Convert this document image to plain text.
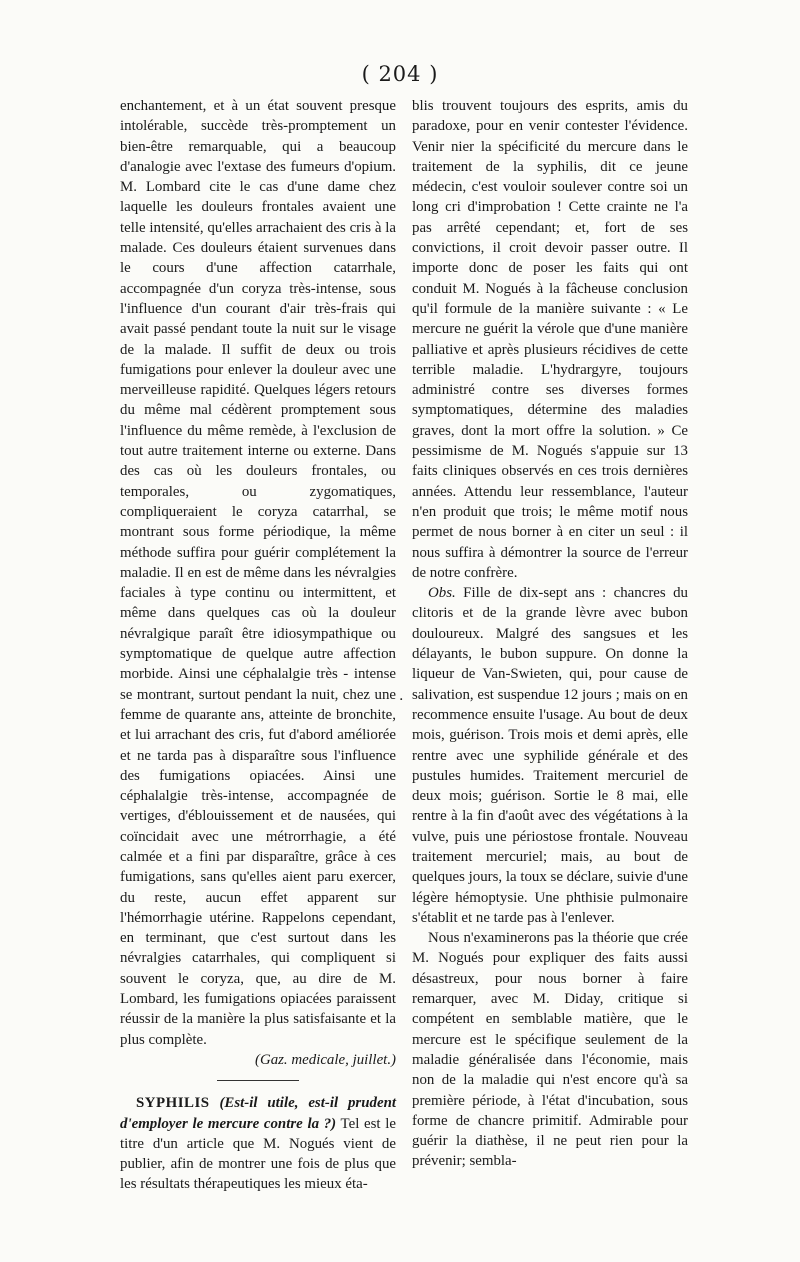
( 204 )

enchantement, et à un état souvent presque intolérable, succède très-promptement un bien-être remarquable, qui a beaucoup d'analogie avec l'extase des fumeurs d'opium. M. Lombard cite le cas d'une dame chez laquelle les douleurs frontales avaient une telle intensité, qu'elles arrachaient des cris à la malade. Ces douleurs étaient survenues dans le cours d'une affection catarrhale, accompagnée d'un coryza très-intense, sous l'influence d'un courant d'air très-frais qui avait passé pendant toute la nuit sur le visage de la malade. Il suffit de deux ou trois fumigations pour enlever la douleur avec une merveilleuse rapidité. Quelques légers retours du même mal cédèrent promptement sous l'influence du même remède, à l'exclusion de tout autre traitement interne ou externe. Dans des cas où les douleurs frontales, ou temporales, ou zygomatiques, compliqueraient le coryza catarrhal, se montrant sous forme périodique, la même méthode suffira pour guérir complétement la maladie. Il en est de même dans les névralgies faciales à type continu ou intermittent, et même dans quelques cas où la douleur névralgique paraît être idiosympathique ou symptomatique de quelque autre affection morbide. Ainsi une céphalalgie très - intense se montrant, surtout pendant la nuit, chez une femme de quarante ans, atteinte de bronchite, et lui arrachant des cris, fut d'abord améliorée et ne tarda pas à disparaître sous l'influence des fumigations opiacées. Ainsi une céphalalgie très-intense, accompagnée de vertiges, d'éblouissement et de nausées, qui coïncidait avec une métrorrhagie, a été calmée et a fini par disparaître, grâce à ces fumigations, sans qu'elles aient paru exercer, du reste, aucun effet apparent sur l'hémorrhagie utérine. Rappelons cependant, en terminant, que c'est surtout dans les névralgies catarrhales, qui compliquent si souvent le coryza, que, au dire de M. Lombard, les fumigations opiacées paraissent réussir de la manière la plus satisfaisante et la plus complète.

(Gaz. medicale, juillet.)

SYPHILIS (Est-il utile, est-il prudent d'employer le mercure contre la ?) Tel est le titre d'un article que M. Nogués vient de publier, afin de montrer une fois de plus que les résultats thérapeutiques les mieux éta-

.

blis trouvent toujours des esprits, amis du paradoxe, pour en venir contester l'évidence. Venir nier la spécificité du mercure dans le traitement de la syphilis, dit ce jeune médecin, c'est vouloir soulever contre soi un long cri d'improbation ! Cette crainte ne l'a pas arrêté cependant; et, fort de ses convictions, il croit devoir passer outre. Il importe donc de poser les faits qui ont conduit M. Nogués à la fâcheuse conclusion qu'il formule de la manière suivante : « Le mercure ne guérit la vérole que d'une manière palliative et après plusieurs récidives de cette terrible maladie. L'hydrargyre, toujours administré contre ses diverses formes symptomatiques, détermine des maladies graves, dont la mort offre la solution. » Ce pessimisme de M. Nogués s'appuie sur 13 faits cliniques observés en ces trois dernières années. Attendu leur ressemblance, l'auteur n'en produit que trois; le même motif nous permet de nous borner à en citer un seul : il nous suffira à démontrer la source de l'erreur de notre confrère.

Obs. Fille de dix-sept ans : chancres du clitoris et de la grande lèvre avec bubon douloureux. Malgré des sangsues et les délayants, le bubon suppure. On donne la liqueur de Van-Swieten, qui, pour cause de salivation, est suspendue 12 jours ; mais on en recommence ensuite l'usage. Au bout de deux mois, guérison. Trois mois et demi après, elle rentre avec une syphilide générale et des pustules humides. Traitement mercuriel de deux mois; guérison. Sortie le 8 mai, elle rentre à la fin d'août avec des végétations à la vulve, puis une périostose frontale. Nouveau traitement mercuriel; mais, au bout de quelques jours, la toux se déclare, suivie d'une légère hémoptysie. Une phthisie pulmonaire s'établit et ne tarde pas à l'enlever.

Nous n'examinerons pas la théorie que crée M. Nogués pour expliquer des faits aussi désastreux, pour nous borner à faire remarquer, avec M. Diday, critique si compétent en semblable matière, que le mercure est le spécifique seulement de la maladie généralisée dans l'économie, mais non de la maladie qui n'est encore qu'à sa première période, à l'état d'incubation, sous forme de chancre primitif. Admirable pour guérir la diathèse, il ne peut rien pour la prévenir; sembla-
